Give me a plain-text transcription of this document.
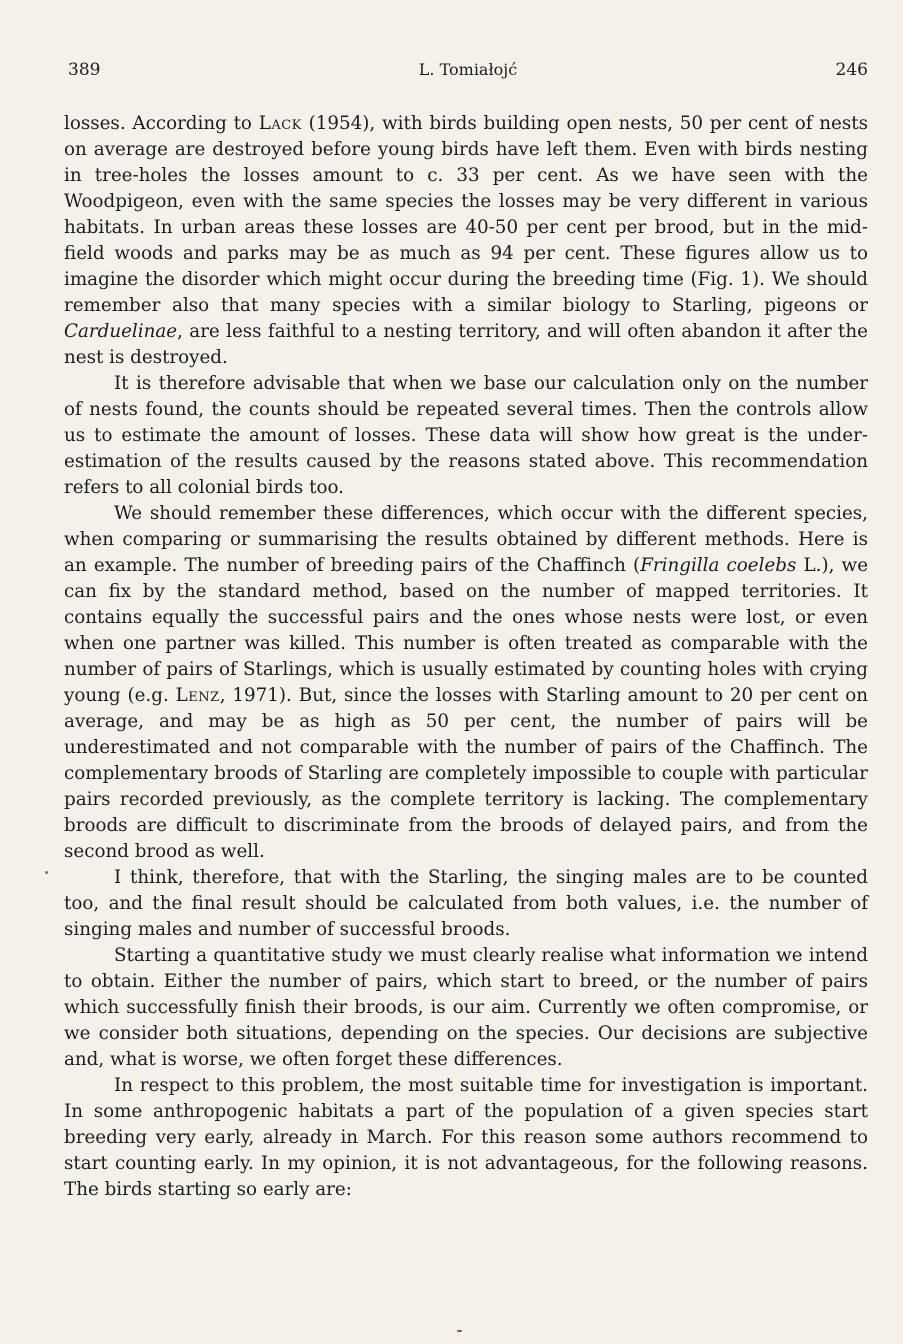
389	L. Tomiałojć	246

losses. According to Lack (1954), with birds building open nests, 50 per cent of nests on average are destroyed before young birds have left them. Even with birds nesting in tree-holes the losses amount to c. 33 per cent. As we have seen with the Woodpigeon, even with the same species the losses may be very different in various habitats. In urban areas these losses are 40-50 per cent per brood, but in the mid-field woods and parks may be as much as 94 per cent. These figures allow us to imagine the disorder which might occur during the breeding time (Fig. 1). We should remember also that many species with a similar biology to Starling, pigeons or Carduelinae, are less faithful to a nesting territory, and will often abandon it after the nest is destroyed.

It is therefore advisable that when we base our calculation only on the number of nests found, the counts should be repeated several times. Then the controls allow us to estimate the amount of losses. These data will show how great is the under-estimation of the results caused by the reasons stated above. This recommendation refers to all colonial birds too.

We should remember these differences, which occur with the different species, when comparing or summarising the results obtained by different methods. Here is an example. The number of breeding pairs of the Chaffinch (Fringilla coelebs L.), we can fix by the standard method, based on the number of mapped territories. It contains equally the successful pairs and the ones whose nests were lost, or even when one partner was killed. This number is often treated as comparable with the number of pairs of Starlings, which is usually estimated by counting holes with crying young (e.g. Lenz, 1971). But, since the losses with Starling amount to 20 per cent on average, and may be as high as 50 per cent, the number of pairs will be underestimated and not comparable with the number of pairs of the Chaffinch. The complementary broods of Starling are completely impossible to couple with particular pairs recorded previously, as the complete territory is lacking. The complementary broods are difficult to discriminate from the broods of delayed pairs, and from the second brood as well.

I think, therefore, that with the Starling, the singing males are to be counted too, and the final result should be calculated from both values, i.e. the number of singing males and number of successful broods.

Starting a quantitative study we must clearly realise what information we intend to obtain. Either the number of pairs, which start to breed, or the number of pairs which successfully finish their broods, is our aim. Currently we often compromise, or we consider both situations, depending on the species. Our decisions are subjective and, what is worse, we often forget these differences.

In respect to this problem, the most suitable time for investigation is important. In some anthropogenic habitats a part of the population of a given species start breeding very early, already in March. For this reason some authors recommend to start counting early. In my opinion, it is not advantageous, for the following reasons. The birds starting so early are:
